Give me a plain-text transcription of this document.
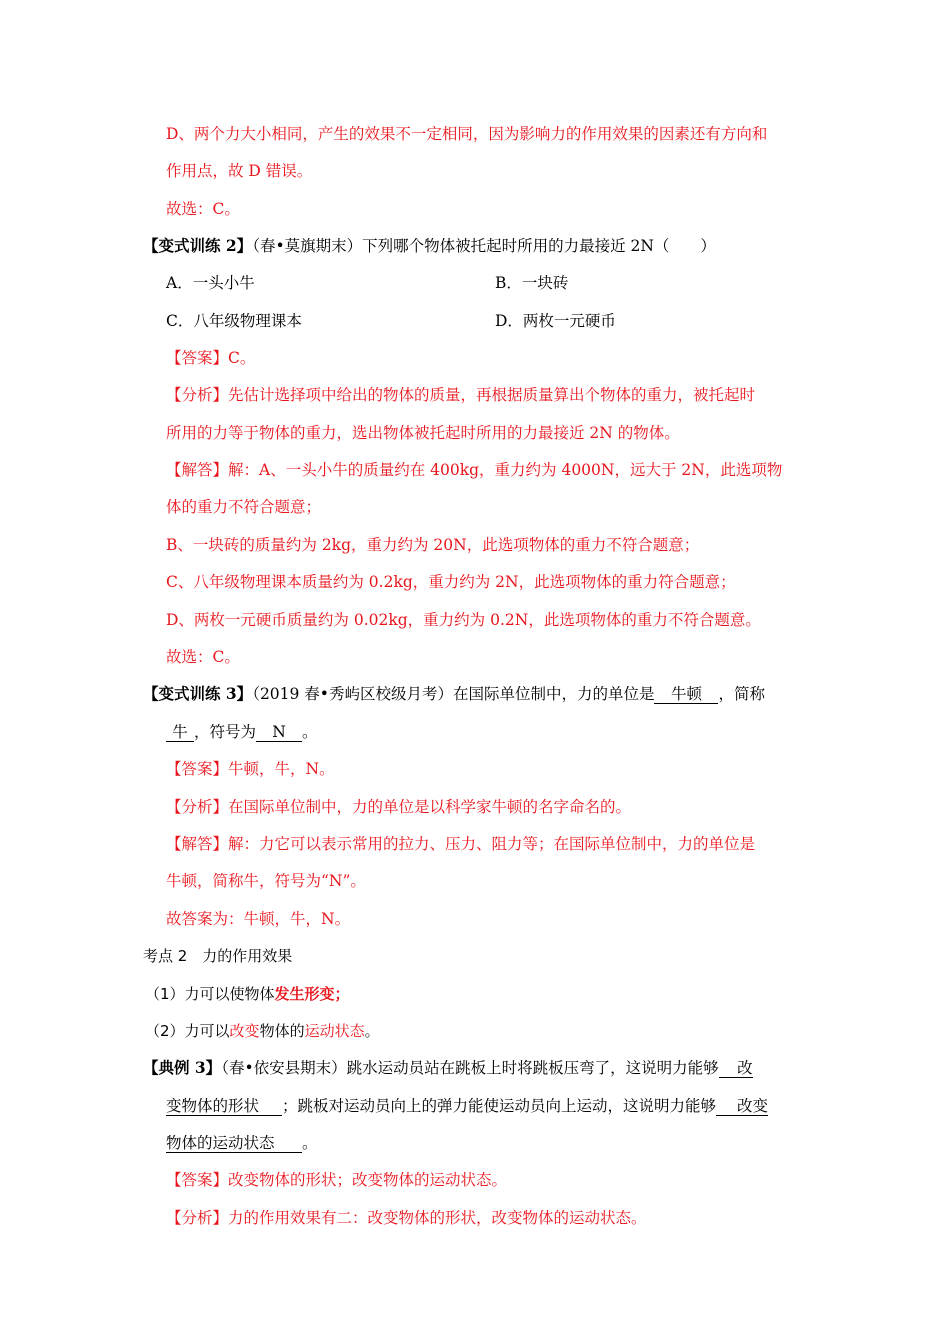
D、两个力大小相同，产生的效果不一定相同，因为影响力的作用效果的因素还有方向和
作用点，故 D 错误。
故选：C。
【变式训练 2】（春•莫旗期末）下列哪个物体被托起时所用的力最接近 2N（　　）
A．一头小牛	B．一块砖
C．八年级物理课本	D．两枚一元硬币
【答案】C。
【分析】先估计选择项中给出的物体的质量，再根据质量算出个物体的重力，被托起时
所用的力等于物体的重力，选出物体被托起时所用的力最接近 2N 的物体。
【解答】解：A、一头小牛的质量约在 400kg，重力约为 4000N，远大于 2N，此选项物
体的重力不符合题意；
B、一块砖的质量约为 2kg，重力约为 20N，此选项物体的重力不符合题意；
C、八年级物理课本质量约为 0.2kg，重力约为 2N，此选项物体的重力符合题意；
D、两枚一元硬币质量约为 0.02kg，重力约为 0.2N，此选项物体的重力不符合题意。
故选：C。
【变式训练 3】（2019 春•秀屿区校级月考）在国际单位制中，力的单位是 牛顿 ，简称
牛 ，符号为 N 。
【答案】牛顿，牛，N。
【分析】在国际单位制中，力的单位是以科学家牛顿的名字命名的。
【解答】解：力它可以表示常用的拉力、压力、阻力等；在国际单位制中，力的单位是
牛顿，简称牛，符号为“N”。
故答案为：牛顿，牛，N。
考点 2　力的作用效果
（1）力可以使物体发生形变；
（2）力可以改变物体的运动状态。
【典例 3】（春•依安县期末）跳水运动员站在跳板上时将跳板压弯了，这说明力能够 改
变物体的形状 ；跳板对运动员向上的弹力能使运动员向上运动，这说明力能够 改变
物体的运动状态 。
【答案】改变物体的形状；改变物体的运动状态。
【分析】力的作用效果有二：改变物体的形状，改变物体的运动状态。
